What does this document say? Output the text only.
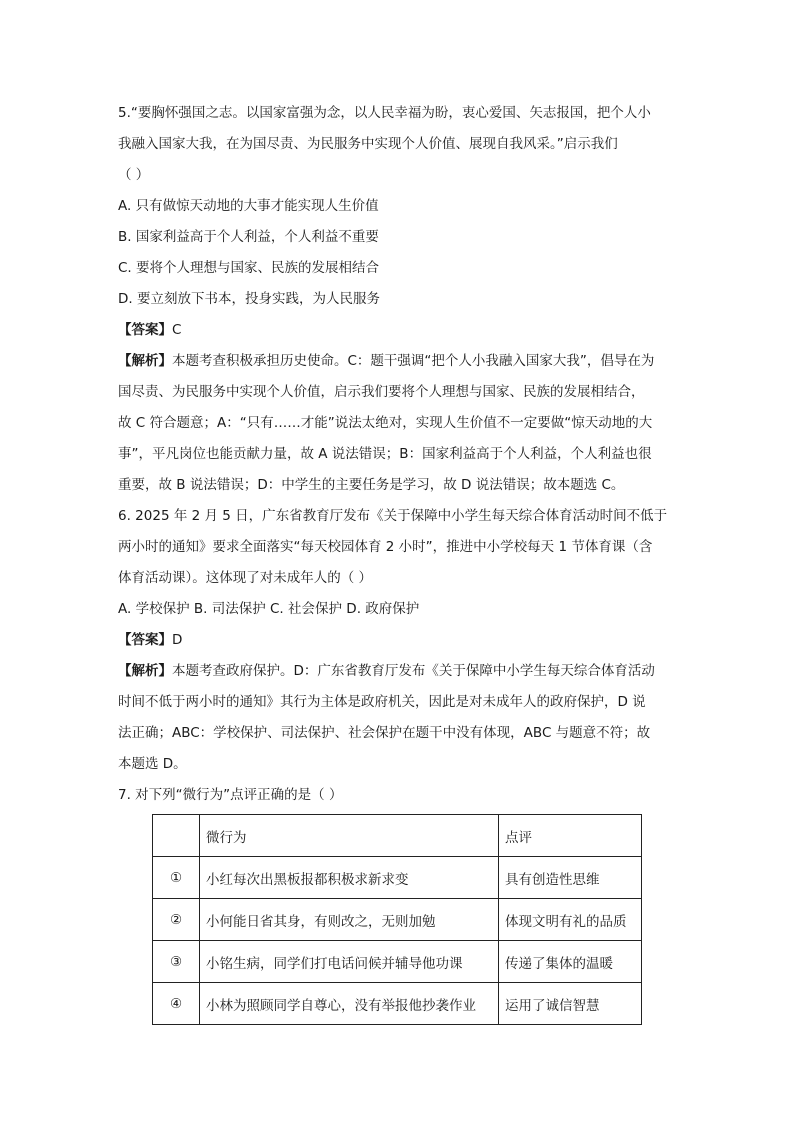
5.“要胸怀强国之志。以国家富强为念，以人民幸福为盼，衷心爱国、矢志报国，把个人小
我融入国家大我，在为国尽责、为民服务中实现个人价值、展现自我风采。”启示我们
（ ）
A. 只有做惊天动地的大事才能实现人生价值
B. 国家利益高于个人利益，个人利益不重要
C. 要将个人理想与国家、民族的发展相结合
D. 要立刻放下书本，投身实践，为人民服务
【答案】C
【解析】本题考查积极承担历史使命。C：题干强调“把个人小我融入国家大我”，倡导在为
国尽责、为民服务中实现个人价值，启示我们要将个人理想与国家、民族的发展相结合，
故 C 符合题意；A：“只有……才能”说法太绝对，实现人生价值不一定要做“惊天动地的大
事”，平凡岗位也能贡献力量，故 A 说法错误；B：国家利益高于个人利益，个人利益也很
重要，故 B 说法错误；D：中学生的主要任务是学习，故 D 说法错误；故本题选 C。
6. 2025 年 2 月 5 日，广东省教育厅发布《关于保障中小学生每天综合体育活动时间不低于
两小时的通知》要求全面落实“每天校园体育 2 小时”，推进中小学校每天 1 节体育课（含
体育活动课）。这体现了对未成年人的（ ）
A. 学校保护 B. 司法保护 C. 社会保护 D. 政府保护
【答案】D
【解析】本题考查政府保护。D：广东省教育厅发布《关于保障中小学生每天综合体育活动
时间不低于两小时的通知》其行为主体是政府机关，因此是对未成年人的政府保护，D 说
法正确；ABC：学校保护、司法保护、社会保护在题干中没有体现，ABC 与题意不符；故
本题选 D。
7. 对下列“微行为”点评正确的是（ ）
	微行为	点评
①	小红每次出黑板报都积极求新求变	具有创造性思维
②	小何能日省其身，有则改之，无则加勉	体现文明有礼的品质
③	小铭生病，同学们打电话问候并辅导他功课	传递了集体的温暖
④	小林为照顾同学自尊心，没有举报他抄袭作业	运用了诚信智慧
